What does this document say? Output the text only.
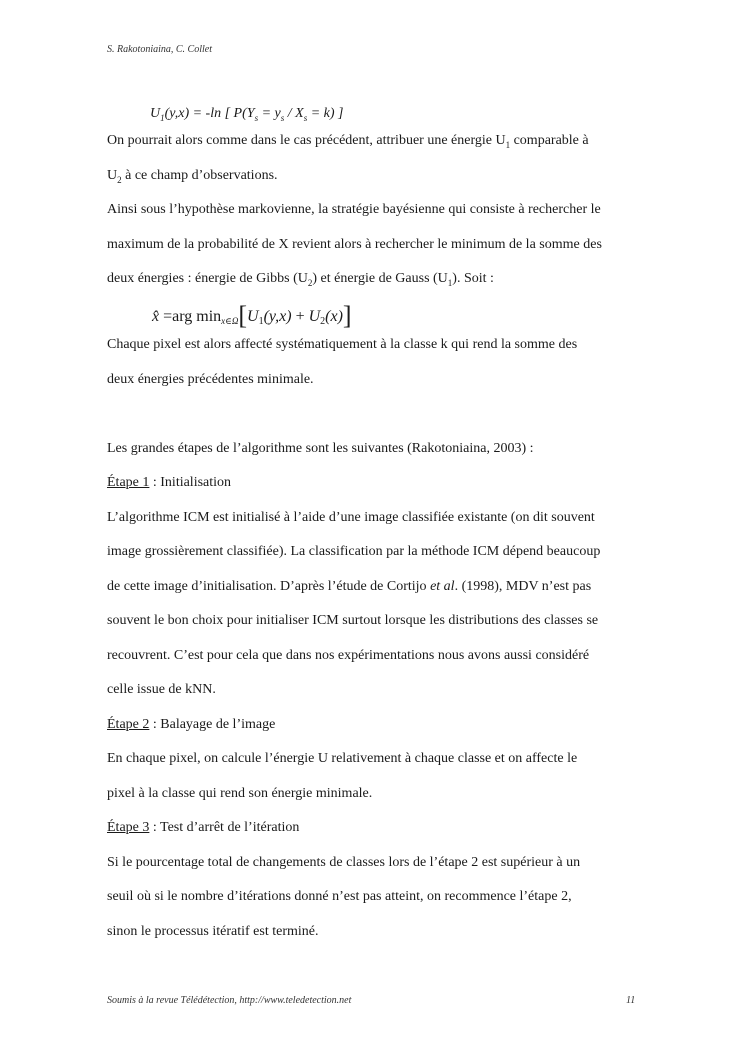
S. Rakotoniaina, C. Collet
$U_1(y,x) = -\ln$ [ $P(Y_s = y_s / X_s = k)$ ]
On pourrait alors comme dans le cas précédent, attribuer une énergie $U_1$ comparable à
$U_2$ à ce champ d’observations.
Ainsi sous l’hypothèse markovienne, la stratégie bayésienne qui consiste à rechercher le
maximum de la probabilité de X revient alors à rechercher le minimum de la somme des
deux énergies : énergie de Gibbs $(U_2)$ et énergie de Gauss $(U_1)$. Soit :
x̂ =arg $\min x\in\Omega[U_1(y,x) + U_2(x)]$
Chaque pixel est alors affecté systématiquement à la classe k qui rend la somme des
deux énergies précédentes minimale.
Les grandes étapes de l’algorithme sont les suivantes (Rakotoniaina, 2003) :
Étape 1 : Initialisation
L’algorithme ICM est initialisé à l’aide d’une image classifiée existante (on dit souvent
image grossièrement classifiée). La classification par la méthode ICM dépend beaucoup
de cette image d’initialisation. D’après l’étude de Cortijo et al. (1998), MDV n’est pas
souvent le bon choix pour initialiser ICM surtout lorsque les distributions des classes se
recouvrent. C’est pour cela que dans nos expérimentations nous avons aussi considéré
celle issue de kNN.
Étape 2 : Balayage de l’image
En chaque pixel, on calcule l’énergie U relativement à chaque classe et on affecte le
pixel à la classe qui rend son énergie minimale.
Étape 3 : Test d’arrêt de l’itération
Si le pourcentage total de changements de classes lors de l’étape 2 est supérieur à un
seuil où si le nombre d’itérations donné n’est pas atteint, on recommence l’étape 2,
sinon le processus itératif est terminé.
Soumis à la revue Télédétection, http://www.teledetection.net	11
